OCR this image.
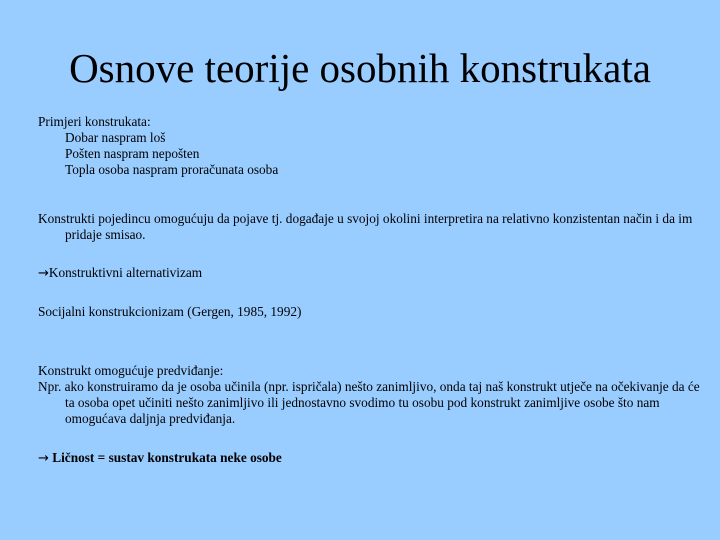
Osnove teorije osobnih konstrukata
Primjeri konstrukata:
Dobar naspram loš
Pošten naspram nepošten
Topla osoba naspram proračunata osoba
Konstrukti pojedincu omogućuju da pojave tj. događaje u svojoj okolini interpretira na relativno konzistentan način i da im pridaje smisao.
→Konstruktivni alternativizam
Socijalni konstrukcionizam (Gergen, 1985, 1992)
Konstrukt omogućuje predviđanje:
Npr. ako konstruiramo da je osoba učinila (npr. ispričala) nešto zanimljivo, onda taj naš konstrukt utječe na očekivanje da će ta osoba opet učiniti nešto zanimljivo ili jednostavno svodimo tu osobu pod konstrukt zanimljive osobe što nam omogućava daljnja predviđanja.
→ Ličnost = sustav konstrukata neke osobe
